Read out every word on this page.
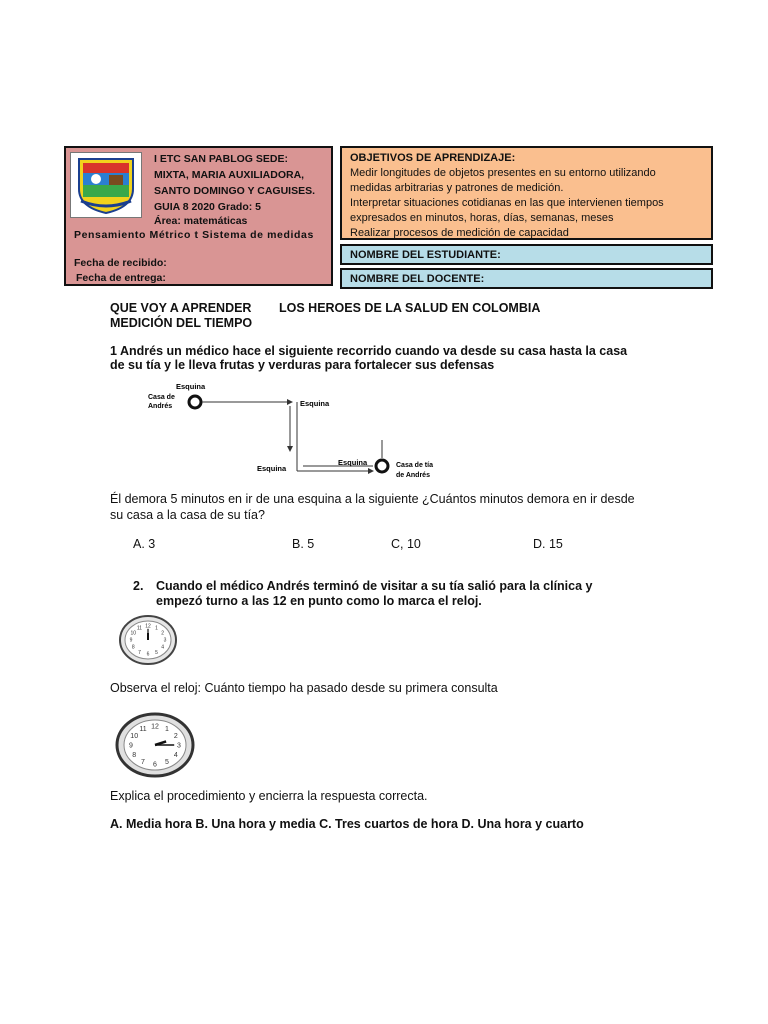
I ETC SAN PABLOG SEDE:
MIXTA, MARIA AUXILIADORA,
SANTO DOMINGO Y CAGUISES.
GUIA 8 2020 Grado: 5
Área: matemáticas
Pensamiento Métrico t Sistema de medidas
Fecha de recibido:
Fecha de entrega:
OBJETIVOS DE APRENDIZAJE:
Medir longitudes de objetos presentes en su entorno utilizando
medidas arbitrarias y patrones de medición.
Interpretar situaciones cotidianas en las que intervienen tiempos
expresados en minutos, horas, días, semanas, meses
Realizar procesos de medición de capacidad
NOMBRE DEL ESTUDIANTE:
NOMBRE DEL DOCENTE:
QUE VOY A APRENDER LOS HEROES DE LA SALUD EN COLOMBIA
MEDICIÓN DEL TIEMPO
1 Andrés un médico hace el siguiente recorrido cuando va desde su casa hasta la casa
de su tía y le lleva frutas y verduras para fortalecer sus defensas
Esquina
Casa de
Andrés	Esquina
Esquina
Esquina	Casa de tía
de Andrés
Él demora 5 minutos en ir de una esquina a la siguiente ¿Cuántos minutos demora en ir desde
su casa a la casa de su tía?
A. 3	B. 5	C, 10	D. 15
2. Cuando el médico Andrés terminó de visitar a su tía salió para la clínica y
empezó turno a las 12 en punto como lo marca el reloj.
1
2
3
4
5
6
7
8
9
10
11 12
Observa el reloj: Cuánto tiempo ha pasado desde su primera consulta
1
2
3
4
5
6
7
8
9
10
11 12
Explica el procedimiento y encierra la respuesta correcta.
A. Media hora B. Una hora y media C. Tres cuartos de hora D. Una hora y cuarto
